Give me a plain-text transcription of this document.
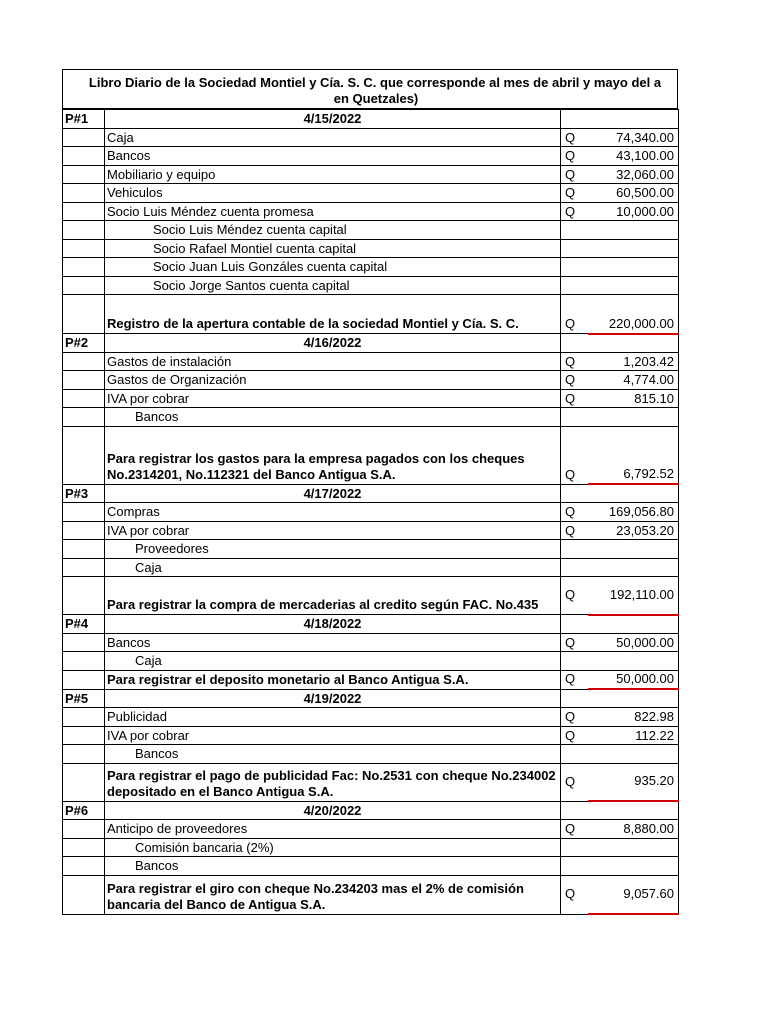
Libro Diario de la Sociedad Montiel y Cía. S. C. que corresponde al mes de abril y mayo del a
en Quetzales)
P#1	4/15/2022		
	Caja	Q	74,340.00
	Bancos	Q	43,100.00
	Mobiliario y equipo	Q	32,060.00
	Vehiculos	Q	60,500.00
	Socio Luis Méndez cuenta promesa	Q	10,000.00
	Socio Luis Méndez cuenta capital		
	Socio Rafael Montiel cuenta capital		
	Socio Juan Luis Gonzáles cuenta capital		
	Socio Jorge Santos cuenta capital		
	Registro de la apertura contable de la sociedad Montiel y Cía. S. C.	Q	220,000.00
P#2	4/16/2022		
	Gastos de instalación	Q	1,203.42
	Gastos de Organización	Q	4,774.00
	IVA por cobrar	Q	815.10
	Bancos		
	Para registrar los gastos para la empresa pagados con los cheques No.2314201, No.112321 del Banco Antigua S.A.	Q	6,792.52
P#3	4/17/2022		
	Compras	Q	169,056.80
	IVA por cobrar	Q	23,053.20
	Proveedores		
	Caja		
	Para registrar la compra de mercaderias al credito según FAC. No.435	Q	192,110.00
P#4	4/18/2022		
	Bancos	Q	50,000.00
	Caja		
	Para registrar el deposito monetario al Banco Antigua S.A.	Q	50,000.00
P#5	4/19/2022		
	Publicidad	Q	822.98
	IVA por cobrar	Q	112.22
	Bancos		
	Para registrar el pago de publicidad Fac: No.2531 con cheque No.234002 depositado en el Banco Antigua S.A.	Q	935.20
P#6	4/20/2022		
	Anticipo de proveedores	Q	8,880.00
	Comisión bancaria (2%)		
	Bancos		
	Para registrar el giro con cheque No.234203 mas el 2% de comisión bancaria del Banco de Antigua S.A.	Q	9,057.60
